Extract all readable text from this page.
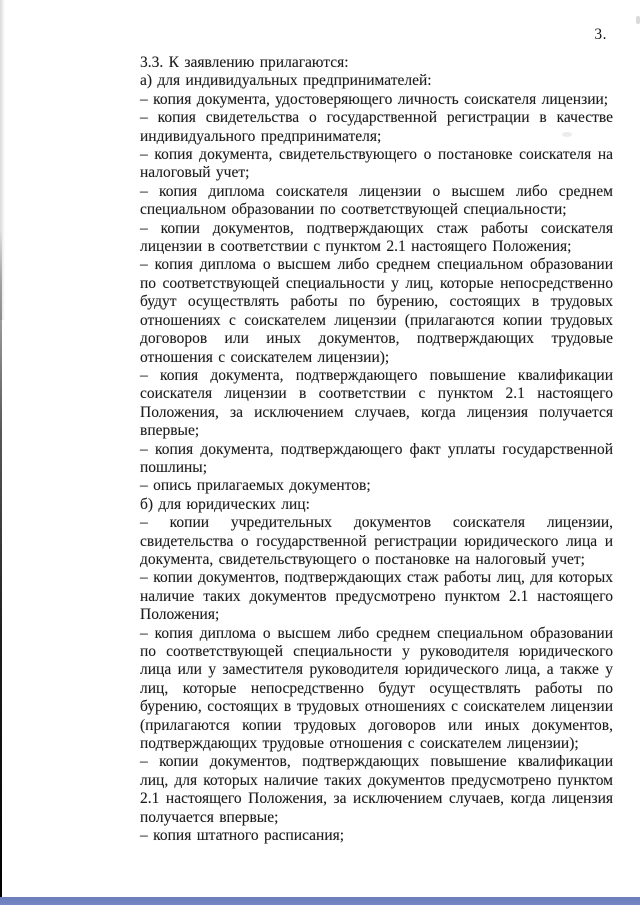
3.

3.3. К заявлению прилагаются:

а) для индивидуальных предпринимателей:

– копия документа, удостоверяющего личность соискателя лицензии;

– копия свидетельства о государственной регистрации в качестве индивидуального предпринимателя;

– копия документа, свидетельствующего о постановке соискателя на налоговый учет;

– копия диплома соискателя лицензии о высшем либо среднем специальном образовании по соответствующей специальности;

– копии документов, подтверждающих стаж работы соискателя лицензии в соответствии с пунктом 2.1 настоящего Положения;

– копия диплома о высшем либо среднем специальном образовании по соответствующей специальности у лиц, которые непосредственно будут осуществлять работы по бурению, состоящих в трудовых отношениях с соискателем лицензии (прилагаются копии трудовых договоров или иных документов, подтверждающих трудовые отношения с соискателем лицензии);

– копия документа, подтверждающего повышение квалификации соискателя лицензии в соответствии с пунктом 2.1 настоящего Положения, за исключением случаев, когда лицензия получается впервые;

– копия документа, подтверждающего факт уплаты государственной пошлины;

– опись прилагаемых документов;

б) для юридических лиц:

– копии учредительных документов соискателя лицензии, свидетельства о государственной регистрации юридического лица и документа, свидетельствующего о постановке на налоговый учет;

– копии документов, подтверждающих стаж работы лиц, для которых наличие таких документов предусмотрено пунктом 2.1 настоящего Положения;

– копия диплома о высшем либо среднем специальном образовании по соответствующей специальности у руководителя юридического лица или у заместителя руководителя юридического лица, а также у лиц, которые непосредственно будут осуществлять работы по бурению, состоящих в трудовых отношениях с соискателем лицензии (прилагаются копии трудовых договоров или иных документов, подтверждающих трудовые отношения с соискателем лицензии);

– копии документов, подтверждающих повышение квалификации лиц, для которых наличие таких документов предусмотрено пунктом 2.1 настоящего Положения, за исключением случаев, когда лицензия получается впервые;

– копия штатного расписания;
